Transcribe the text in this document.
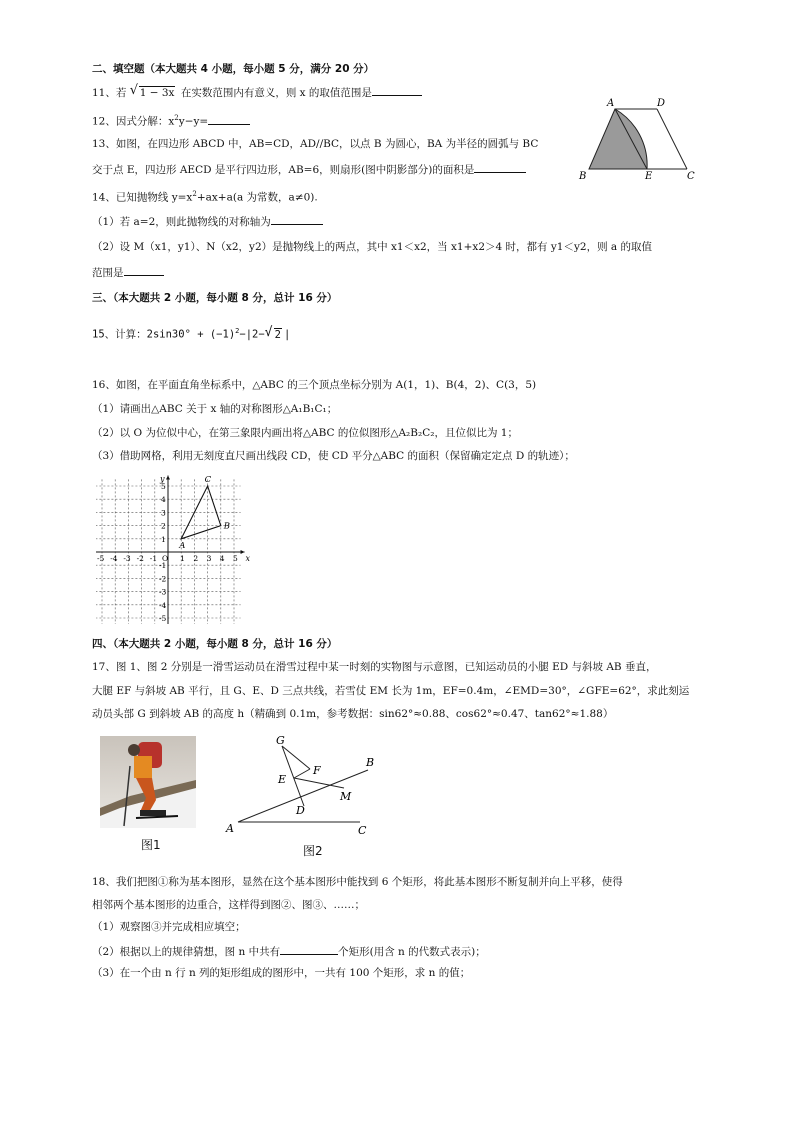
二、填空题（本大题共 4 小题，每小题 5 分，满分 20 分）
11、若 √ 1 − 3x 在实数范围内有意义，则 x 的取值范围是
12、因式分解：$x^2y-y=$
13、如图，在四边形 ABCD 中，AB=CD，AD//BC，以点 B 为圆心，BA 为半径的圆弧与 BC
交于点 E，四边形 AECD 是平行四边形，AB=6，则扇形(图中阴影部分)的面积是
A	D
B	E	C
14、已知抛物线 $y=x^2+ax+a(a$ 为常数，a≠0).
（1）若 a=2，则此抛物线的对称轴为
（2）设 M（x1，y1）、N（x2，y2）是抛物线上的两点，其中 x1＜x2，当 x1+x2＞4 时，都有 y1＜y2，则 a 的取值
范围是
三、（本大题共 2 小题，每小题 8 分，总计 16 分）
15、计算：$2\sin 30^\circ + (-1)^2-|2-$ √ 2 |
16、如图，在平面直角坐标系中，△ABC 的三个顶点坐标分别为 A(1，1)、B(4，2)、C(3，5)
（1）请画出△ABC 关于 x 轴的对称图形△A₁B₁C₁；
（2）以 O 为位似中心，在第三象限内画出将△ABC 的位似图形△A₂B₂C₂，且位似比为 1；
（3）借助网格，利用无刻度直尺画出线段 CD，使 CD 平分△ABC 的面积（保留确定定点 D 的轨迹）；
x
y
-5 -4 -3 -2 -1 O 1 2 3 4 5
1
2
3
4
5
-1
-2
-3
-4
-5
A
B
C
四、（本大题共 2 小题，每小题 8 分，总计 16 分）
17、图 1、图 2 分别是一滑雪运动员在滑雪过程中某一时刻的实物图与示意图，已知运动员的小腿 ED 与斜坡 AB 垂直，
大腿 EF 与斜坡 AB 平行，且 G、E、D 三点共线，若雪仗 EM 长为 1m，EF=0.4m，∠EMD=30°，∠GFE=62°，求此刻运
动员头部 G 到斜坡 AB 的高度 h（精确到 0.1m，参考数据：sin62°≈0.88、cos62°≈0.47、tan62°≈1.88）
图1
G
E
F
B
D
M
A	C
图2
18、我们把图①称为基本图形，显然在这个基本图形中能找到 6 个矩形，将此基本图形不断复制并向上平移，使得
相邻两个基本图形的边重合，这样得到图②、图③、……；
（1）观察图③并完成相应填空；
（2）根据以上的规律猜想，图 n 中共有	个矩形(用含 n 的代数式表示)；
（3）在一个由 n 行 n 列的矩形组成的图形中，一共有 100 个矩形，求 n 的值；
